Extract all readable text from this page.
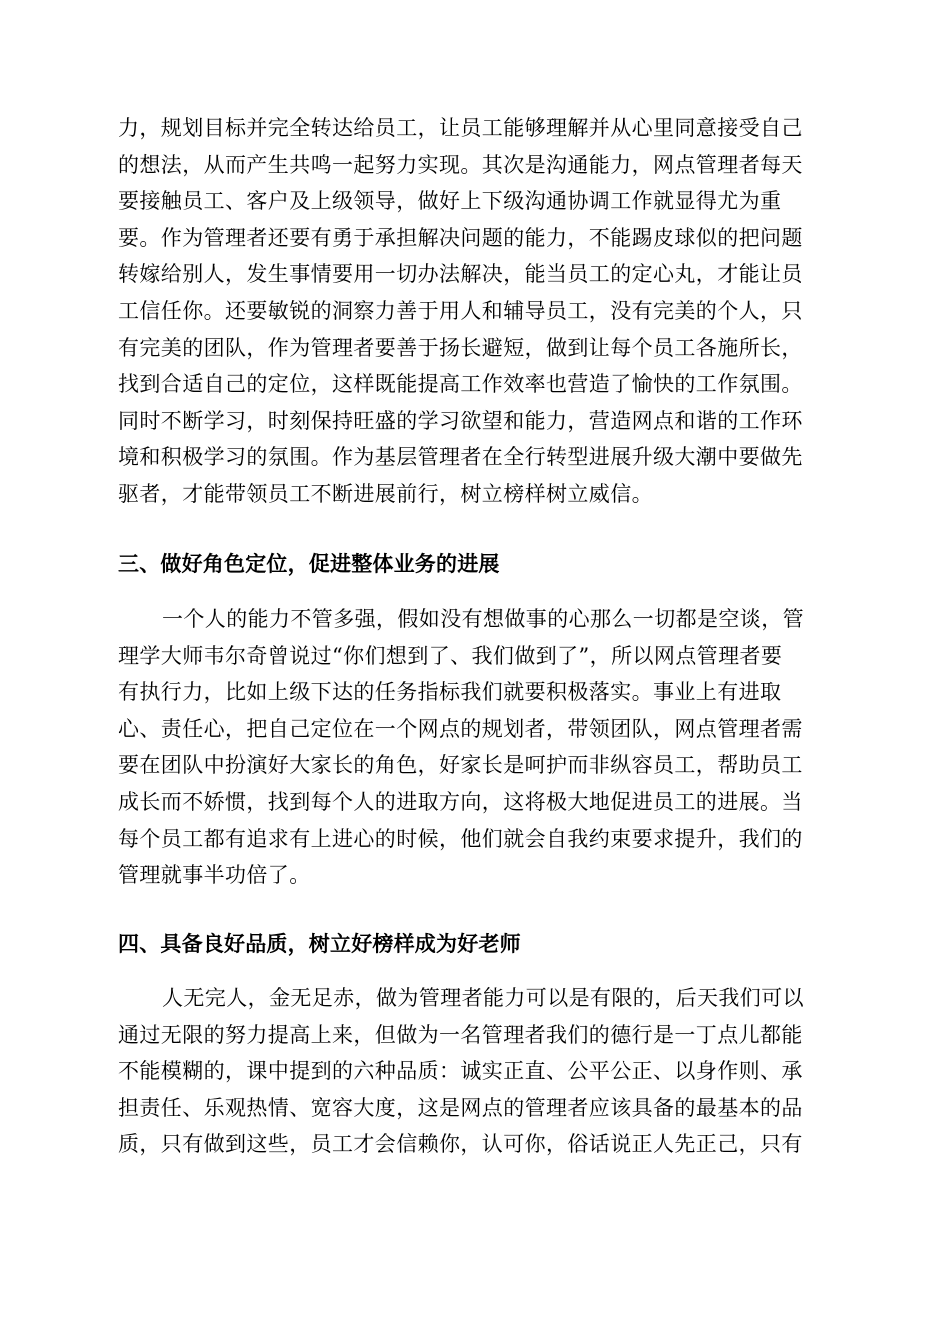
力，规划目标并完全转达给员工，让员工能够理解并从心里同意接受自己
的想法，从而产生共鸣一起努力实现。其次是沟通能力，网点管理者每天
要接触员工、客户及上级领导，做好上下级沟通协调工作就显得尤为重
要。作为管理者还要有勇于承担解决问题的能力，不能踢皮球似的把问题
转嫁给别人，发生事情要用一切办法解决，能当员工的定心丸，才能让员
工信任你。还要敏锐的洞察力善于用人和辅导员工，没有完美的个人，只
有完美的团队，作为管理者要善于扬长避短，做到让每个员工各施所长，
找到合适自己的定位，这样既能提高工作效率也营造了愉快的工作氛围。
同时不断学习，时刻保持旺盛的学习欲望和能力，营造网点和谐的工作环
境和积极学习的氛围。作为基层管理者在全行转型进展升级大潮中要做先
驱者，才能带领员工不断进展前行，树立榜样树立威信。
三、做好角色定位，促进整体业务的进展
一个人的能力不管多强，假如没有想做事的心那么一切都是空谈，管
理学大师韦尔奇曾说过“你们想到了、我们做到了”，所以网点管理者要
有执行力，比如上级下达的任务指标我们就要积极落实。事业上有进取
心、责任心，把自己定位在一个网点的规划者，带领团队，网点管理者需
要在团队中扮演好大家长的角色，好家长是呵护而非纵容员工，帮助员工
成长而不娇惯，找到每个人的进取方向，这将极大地促进员工的进展。当
每个员工都有追求有上进心的时候，他们就会自我约束要求提升，我们的
管理就事半功倍了。
四、具备良好品质，树立好榜样成为好老师
人无完人，金无足赤，做为管理者能力可以是有限的，后天我们可以
通过无限的努力提高上来，但做为一名管理者我们的德行是一丁点儿都能
不能模糊的，课中提到的六种品质：诚实正直、公平公正、以身作则、承
担责任、乐观热情、宽容大度，这是网点的管理者应该具备的最基本的品
质，只有做到这些，员工才会信赖你，认可你，俗话说正人先正己，只有
